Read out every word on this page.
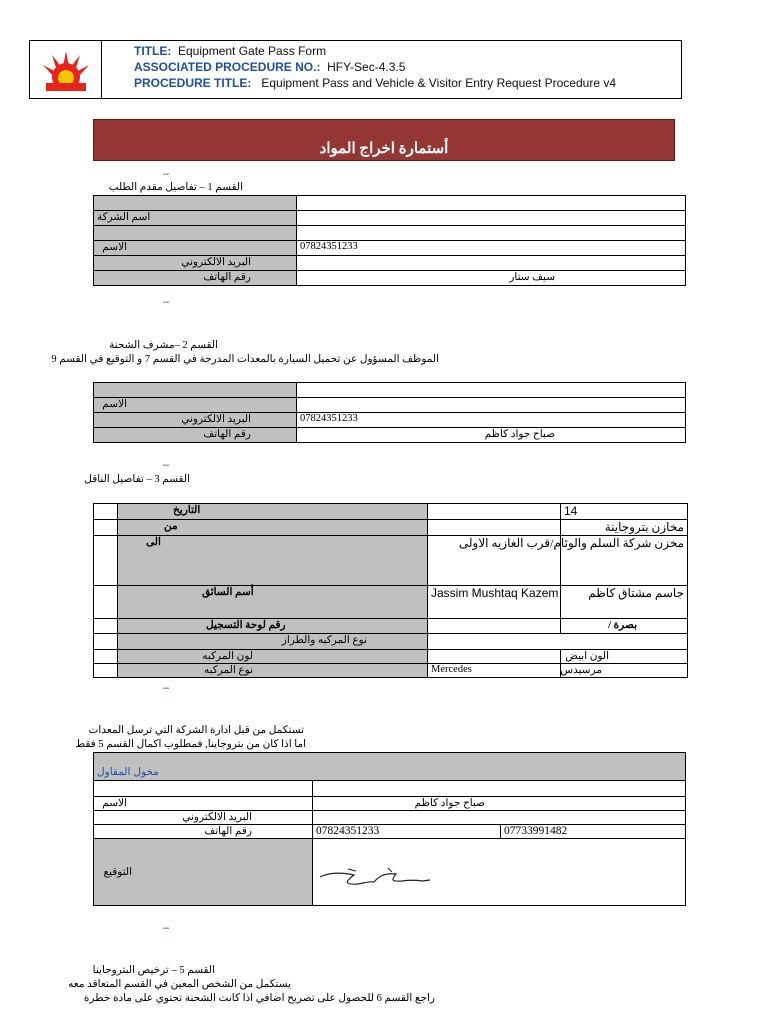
TITLE: Equipment Gate Pass Form
ASSOCIATED PROCEDURE NO.: HFY-Sec-4.3.5
PROCEDURE TITLE: Equipment Pass and Vehicle & Visitor Entry Request Procedure v4
أستمارة اخراج المواد
–
القسم 1 – تفاصيل مقدم الطلب

اسم الشركة	

الاسم	07824351233
البريد الالكتروني	
رقم الهاتف	سيف ستار
–
القسم 2 –مشرف الشحنة
الموظف المسؤول عن تحميل السيارة بالمعدات المدرجة في القسم 7 و التوقيع في القسم 9

الاسم	
البريد الالكتروني	07824351233
رقم الهاتف	صباح جواد كاظم
–
القسم 3 – تفاصيل الناقل
	التاريخ		14
	من		مخازن بتروجاينة
	الى		مخزن شركة السلم والوئام/قرب الغازيه الاولى
	أسم السائق	Jassim Mushtaq Kazem	جاسم مشتاق كاظم
	رقم لوحة التسجيل		بصرة /
	نوع المركبه والطراز		
	لون المركبه		الون ابيض
	نوع المركبه	Mercedes	مرسيدس
–
تستكمل من قبل ادارة الشركة التي ترسل المعدات
اما اذا كان من بتروجاينا, فمطلوب اكمال القسم 5 فقط
مخول المقاول		

الاسم	صباح جواد كاظم	
البريد الالكتروني		
رقم الهاتف	07824351233	07733991482
التوقيع		
–
القسم 5 – ترخيص البتروجاينا
يستكمل من الشخص المعين في القسم المتعاقد معه
راجع القسم 6 للحصول على تصريح اضافي اذا كانت الشحنة تحتوي على مادة خطرة
